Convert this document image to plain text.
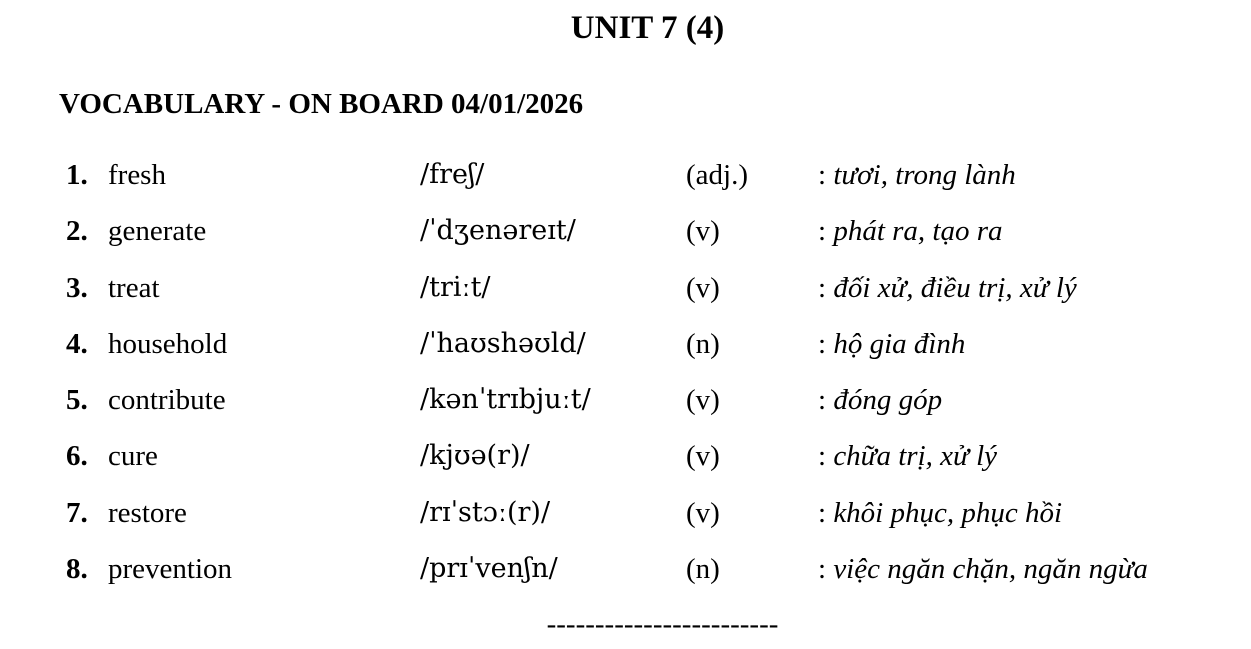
UNIT 7 (4)
VOCABULARY - ON BOARD 04/01/2026
1. fresh	/freʃ/	(adj.) : tươi, trong lành
2. generate	/ˈdʒenəreɪt/	(v)	: phát ra, tạo ra
3. treat	/triːt/	(v)	: đối xử, điều trị, xử lý
4. household	/ˈhaʊshəʊld/	(n)	: hộ gia đình
5. contribute	/kənˈtrɪbjuːt/	(v)	: đóng góp
6. cure	/kjʊə(r)/	(v)	: chữa trị, xử lý
7. restore	/rɪˈstɔː(r)/	(v)	: khôi phục, phục hồi
8. prevention	/prɪˈvenʃn/	(n)	: việc ngăn chặn, ngăn ngừa
------------------------
